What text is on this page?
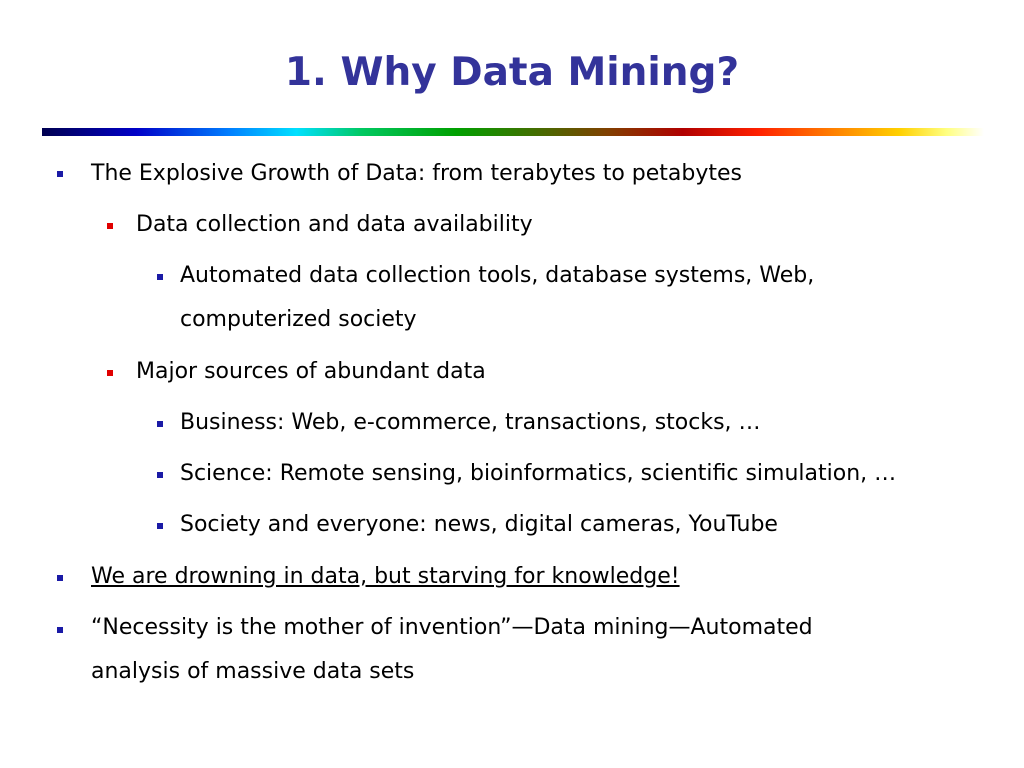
1. Why Data Mining?
The Explosive Growth of Data: from terabytes to petabytes
Data collection and data availability
Automated data collection tools, database systems, Web,
computerized society
Major sources of abundant data
Business: Web, e-commerce, transactions, stocks, …
Science: Remote sensing, bioinformatics, scientific simulation, …
Society and everyone: news, digital cameras, YouTube
We are drowning in data, but starving for knowledge!
“Necessity is the mother of invention”—Data mining—Automated
analysis of massive data sets
